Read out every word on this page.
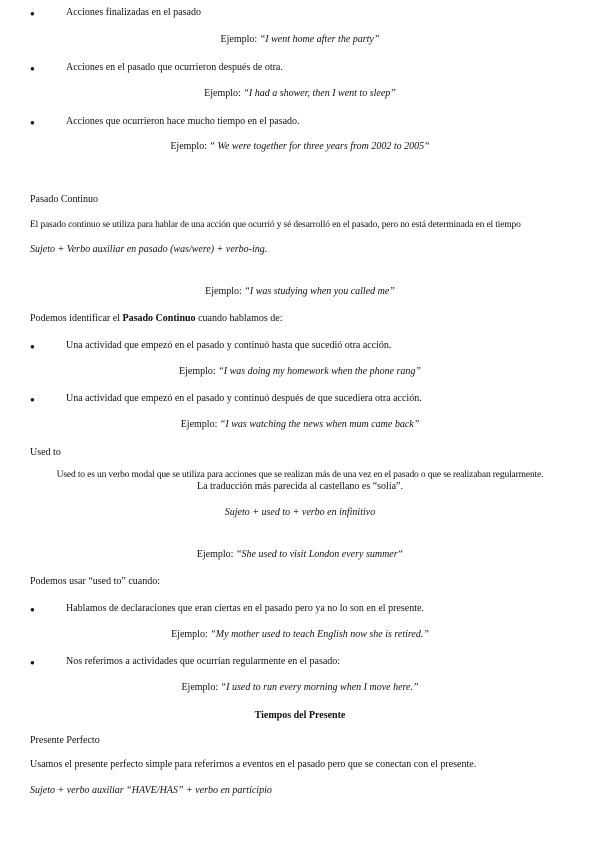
●	Acciones finalizadas en el pasado
Ejemplo: “I went home after the party”
●	Acciones en el pasado que ocurrieron después de otra.
Ejemplo: “I had a shower, then I went to sleep”
●	Acciones que ocurrieron hace mucho tiempo en el pasado.
Ejemplo: “ We were together for three years from 2002 to 2005“
Pasado Continuo
El pasado continuo se utiliza para hablar de una acción que ocurrió y sé desarrolló en el pasado, pero no está determinada en el tiempo
Sujeto + Verbo auxiliar en pasado (was/were) + verbo-ing.
Ejemplo: “I was studying when you called me”
Podemos identificar el Pasado Continuo cuando hablamos de:
●	Una actividad que empezó en el pasado y continuó hasta que sucedió otra acción.
Ejemplo: “I was doing my homework when the phone rang”
●	Una actividad que empezó en el pasado y continuó después de que sucediera otra acción.
Ejemplo: “I was watching the news when mum came back”
Used to
Used to es un verbo modal que se utiliza para acciones que se realizan más de una vez en el pasado o que se realizaban regularmente.
La traducción más parecida al castellano es “solía”.
Sujeto + used to + verbo en infinitivo
Ejemplo: “She used to visit London every summer“
Podemos usar “used to” cuando:
●	Hablamos de declaraciones que eran ciertas en el pasado pero ya no lo son en el presente.
Ejemplo: “My mother used to teach English now she is retired.”
●	Nos referimos a actividades que ocurrían regularmente en el pasado:
Ejemplo: “I used to run every morning when I move here.”
Tiempos del Presente
Presente Perfecto
Usamos el presente perfecto simple para referirnos a eventos en el pasado pero que se conectan con el presente.
Sujeto + verbo auxiliar “HAVE/HAS” + verbo en participio
